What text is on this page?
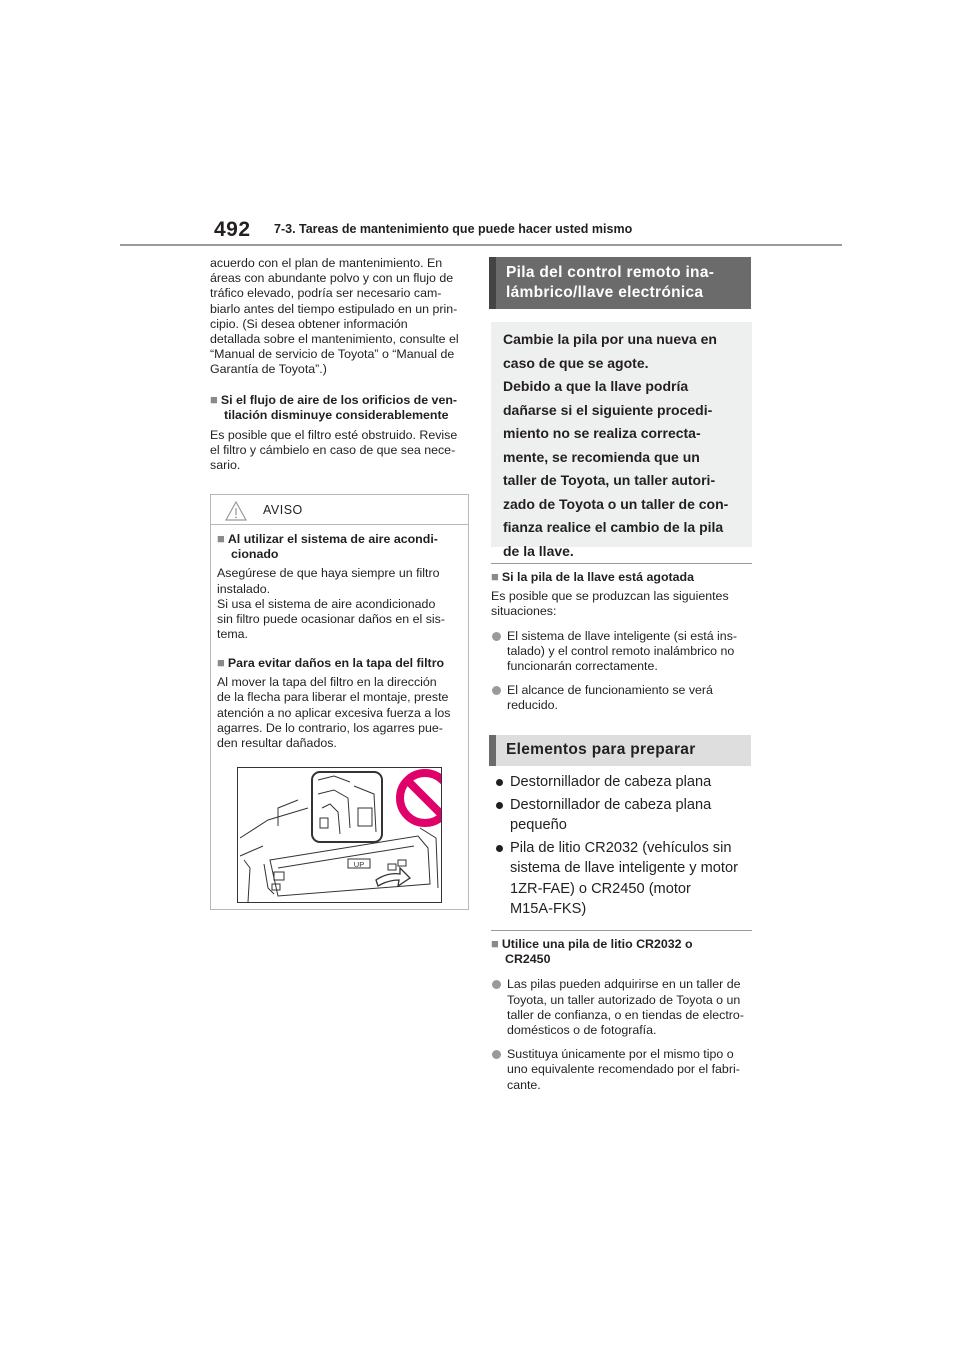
492 7-3. Tareas de mantenimiento que puede hacer usted mismo

acuerdo con el plan de mantenimiento. En

áreas con abundante polvo y con un flujo de

tráfico elevado, podría ser necesario cam-

biarlo antes del tiempo estipulado en un prin-

cipio. (Si desea obtener información

detallada sobre el mantenimiento, consulte el

“Manual de servicio de Toyota” o “Manual de

Garantía de Toyota”.)

■ Si el flujo de aire de los orificios de ven-
tilación disminuye considerablemente

Es posible que el filtro esté obstruido. Revise

el filtro y cámbielo en caso de que sea nece-

sario.

AVISO
■ Al utilizar el sistema de aire acondi-
cionado

Asegúrese de que haya siempre un filtro

instalado.

Si usa el sistema de aire acondicionado

sin filtro puede ocasionar daños en el sis-

tema.

■ Para evitar daños en la tapa del filtro

Al mover la tapa del filtro en la dirección

de la flecha para liberar el montaje, preste

atención a no aplicar excesiva fuerza a los

agarres. De lo contrario, los agarres pue-

den resultar dañados.

UP
Pila del control remoto ina-
lámbrico/llave electrónica

Cambie la pila por una nueva en

caso de que se agote.

Debido a que la llave podría

dañarse si el siguiente procedi-

miento no se realiza correcta-

mente, se recomienda que un

taller de Toyota, un taller autori-

zado de Toyota o un taller de con-

fianza realice el cambio de la pila

de la llave.

■ Si la pila de la llave está agotada

Es posible que se produzcan las siguientes

situaciones:

El sistema de llave inteligente (si está ins-
talado) y el control remoto inalámbrico no
funcionarán correctamente.
El alcance de funcionamiento se verá
reducido.
Elementos para preparar
Destornillador de cabeza plana
Destornillador de cabeza plana
pequeño
Pila de litio CR2032 (vehículos sin
sistema de llave inteligente y motor
1ZR-FAE) o CR2450 (motor
M15A-FKS)
■ Utilice una pila de litio CR2032 o
CR2450
Las pilas pueden adquirirse en un taller de
Toyota, un taller autorizado de Toyota o un
taller de confianza, o en tiendas de electro-
domésticos o de fotografía.
Sustituya únicamente por el mismo tipo o
uno equivalente recomendado por el fabri-
cante.
